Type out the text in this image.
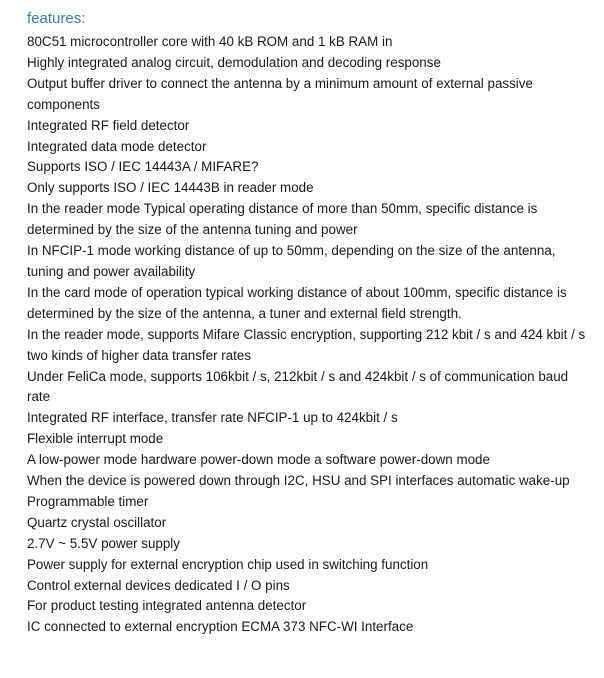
features:
80C51 microcontroller core with 40 kB ROM and 1 kB RAM in
Highly integrated analog circuit, demodulation and decoding response
Output buffer driver to connect the antenna by a minimum amount of external passive components
Integrated RF field detector
Integrated data mode detector
Supports ISO / IEC 14443A / MIFARE?
Only supports ISO / IEC 14443B in reader mode
In the reader mode Typical operating distance of more than 50mm, specific distance is determined by the size of the antenna tuning and power
In NFCIP-1 mode working distance of up to 50mm, depending on the size of the antenna, tuning and power availability
In the card mode of operation typical working distance of about 100mm, specific distance is determined by the size of the antenna, a tuner and external field strength.
In the reader mode, supports Mifare Classic encryption, supporting 212 kbit / s and 424 kbit / s two kinds of higher data transfer rates
Under FeliCa mode, supports 106kbit / s, 212kbit / s and 424kbit / s of communication baud rate
Integrated RF interface, transfer rate NFCIP-1 up to 424kbit / s
Flexible interrupt mode
A low-power mode hardware power-down mode a software power-down mode
When the device is powered down through I2C, HSU and SPI interfaces automatic wake-up
Programmable timer
Quartz crystal oscillator
2.7V ~ 5.5V power supply
Power supply for external encryption chip used in switching function
Control external devices dedicated I / O pins
For product testing integrated antenna detector
IC connected to external encryption ECMA 373 NFC-WI Interface
